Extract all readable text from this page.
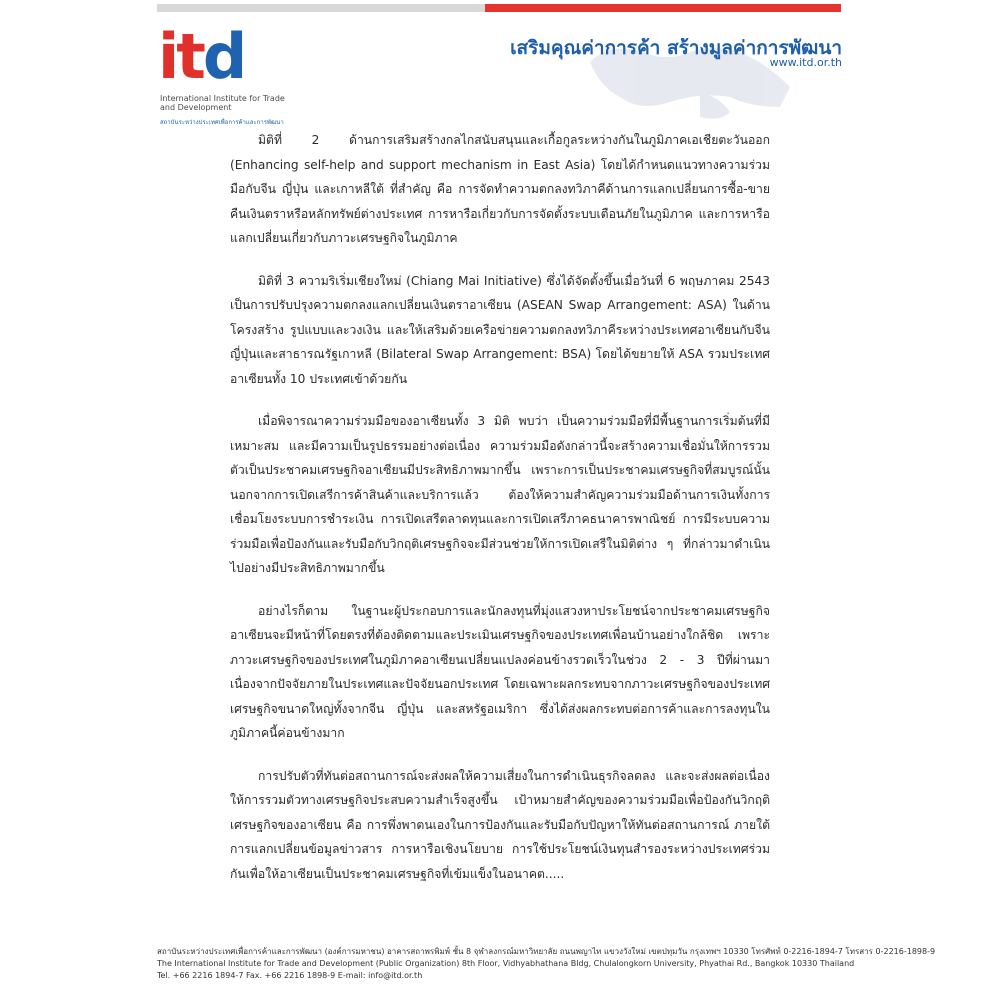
itd
International Institute for Trade and Development
สถาบันระหว่างประเทศเพื่อการค้าและการพัฒนา
เสริมคุณค่าการค้า สร้างมูลค่าการพัฒนา
www.itd.or.th

มิติที่ 2 ด้านการเสริมสร้างกลไกสนับสนุนและเกื้อกูลระหว่างกันในภูมิภาคเอเชียตะวันออก (Enhancing self-help and support mechanism in East Asia) โดยได้กำหนดแนวทางความร่วมมือกับจีน ญี่ปุ่น และเกาหลีใต้ ที่สำคัญ คือ การจัดทำความตกลงทวิภาคีด้านการแลกเปลี่ยนการซื้อ-ขายคืนเงินตราหรือหลักทรัพย์ต่างประเทศ การหารือเกี่ยวกับการจัดตั้งระบบเตือนภัยในภูมิภาค และการหารือแลกเปลี่ยนเกี่ยวกับภาวะเศรษฐกิจในภูมิภาค

มิติที่ 3 ความริเริ่มเชียงใหม่ (Chiang Mai Initiative) ซึ่งได้จัดตั้งขึ้นเมื่อวันที่ 6 พฤษภาคม 2543 เป็นการปรับปรุงความตกลงแลกเปลี่ยนเงินตราอาเซียน (ASEAN Swap Arrangement: ASA) ในด้านโครงสร้าง รูปแบบและวงเงิน และให้เสริมด้วยเครือข่ายความตกลงทวิภาคีระหว่างประเทศอาเซียนกับจีน ญี่ปุ่นและสาธารณรัฐเกาหลี (Bilateral Swap Arrangement: BSA) โดยได้ขยายให้ ASA รวมประเทศอาเซียนทั้ง 10 ประเทศเข้าด้วยกัน

เมื่อพิจารณาความร่วมมือของอาเซียนทั้ง 3 มิติ พบว่า เป็นความร่วมมือที่มีพื้นฐานการเริ่มต้นที่มีเหมาะสม และมีความเป็นรูปธรรมอย่างต่อเนื่อง ความร่วมมือดังกล่าวนี้จะสร้างความเชื่อมั่นให้การรวมตัวเป็นประชาคมเศรษฐกิจอาเซียนมีประสิทธิภาพมากขึ้น เพราะการเป็นประชาคมเศรษฐกิจที่สมบูรณ์นั้นนอกจากการเปิดเสรีการค้าสินค้าและบริการแล้ว ต้องให้ความสำคัญความร่วมมือด้านการเงินทั้งการเชื่อมโยงระบบการชำระเงิน การเปิดเสรีตลาดทุนและการเปิดเสรีภาคธนาคารพาณิชย์ การมีระบบความร่วมมือเพื่อป้องกันและรับมือกับวิกฤติเศรษฐกิจจะมีส่วนช่วยให้การเปิดเสรีในมิติต่าง ๆ ที่กล่าวมาดำเนินไปอย่างมีประสิทธิภาพมากขึ้น

อย่างไรก็ตาม ในฐานะผู้ประกอบการและนักลงทุนที่มุ่งแสวงหาประโยชน์จากประชาคมเศรษฐกิจอาเซียนจะมีหน้าที่โดยตรงที่ต้องติดตามและประเมินเศรษฐกิจของประเทศเพื่อนบ้านอย่างใกล้ชิด เพราะภาวะเศรษฐกิจของประเทศในภูมิภาคอาเซียนเปลี่ยนแปลงค่อนข้างรวดเร็วในช่วง 2 - 3 ปีที่ผ่านมา เนื่องจากปัจจัยภายในประเทศและปัจจัยนอกประเทศ โดยเฉพาะผลกระทบจากภาวะเศรษฐกิจของประเทศเศรษฐกิจขนาดใหญ่ทั้งจากจีน ญี่ปุ่น และสหรัฐอเมริกา ซึ่งได้ส่งผลกระทบต่อการค้าและการลงทุนในภูมิภาคนี้ค่อนข้างมาก

การปรับตัวที่ทันต่อสถานการณ์จะส่งผลให้ความเสี่ยงในการดำเนินธุรกิจลดลง และจะส่งผลต่อเนื่องให้การรวมตัวทางเศรษฐกิจประสบความสำเร็จสูงขึ้น เป้าหมายสำคัญของความร่วมมือเพื่อป้องกันวิกฤติเศรษฐกิจของอาเซียน คือ การพึ่งพาตนเองในการป้องกันและรับมือกับปัญหาให้ทันต่อสถานการณ์ ภายใต้การแลกเปลี่ยนข้อมูลข่าวสาร การหารือเชิงนโยบาย การใช้ประโยชน์เงินทุนสำรองระหว่างประเทศร่วมกันเพื่อให้อาเซียนเป็นประชาคมเศรษฐกิจที่เข้มแข็งในอนาคต.....

สถาบันระหว่างประเทศเพื่อการค้าและการพัฒนา (องค์การมหาชน) อาคารสถาพรพิมพ์ ชั้น 8 จุฬาลงกรณ์มหาวิทยาลัย ถนนพญาไท แขวงวังใหม่ เขตปทุมวัน กรุงเทพฯ 10330 โทรศัพท์ 0-2216-1894-7 โทรสาร 0-2216-1898-9
The International Institute for Trade and Development (Public Organization) 8th Floor, Vidhyabhathana Bldg, Chulalongkorn University, Phyathai Rd., Bangkok 10330 Thailand
Tel. +66 2216 1894-7 Fax. +66 2216 1898-9 E-mail: info@itd.or.th
